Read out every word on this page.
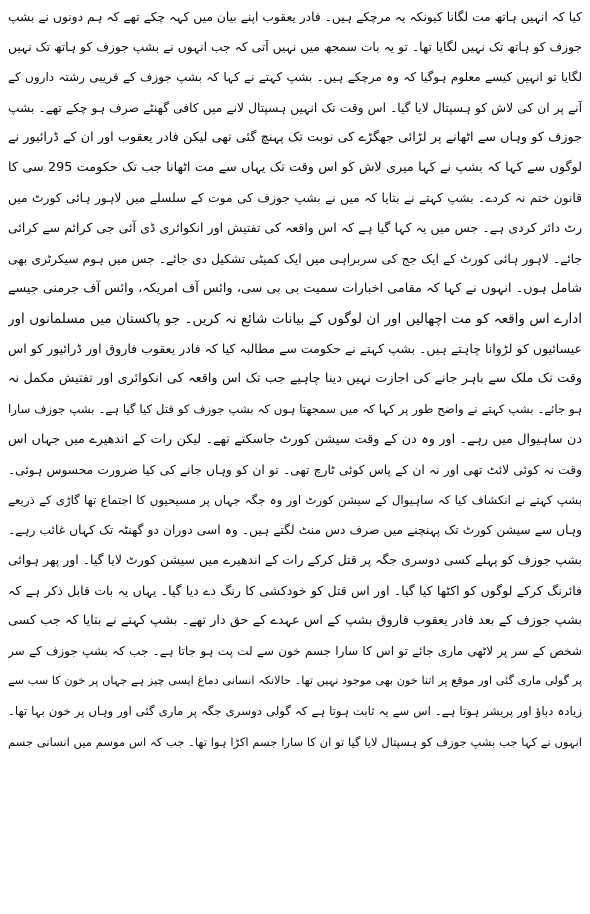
کیا کہ انہیں ہاتھ مت لگانا کیونکہ یہ مرچکے ہیں۔ فادر یعقوب اپنے بیان میں کہہ چکے تھے کہ ہم دونوں نے بشپ
جوزف کو ہاتھ تک نہیں لگایا تھا۔ تو یہ بات سمجھ میں نہیں آتی کہ جب انہوں نے بشپ جوزف کو ہاتھ تک نہیں
لگایا تو انہیں کیسے معلوم ہوگیا کہ وہ مرچکے ہیں۔ بشپ کہتے نے کہا کہ بشپ جوزف کے قریبی رشتہ داروں کے
آنے پر ان کی لاش کو ہسپتال لایا گیا۔ اس وقت تک انہیں ہسپتال لانے میں کافی گھنٹے صرف ہو چکے تھے۔ بشپ
جوزف کو وہاں سے اٹھانے پر لڑائی جھگڑے کی نوبت تک پہنچ گئی تھی لیکن فادر یعقوب اور ان کے ڈرائیور نے
لوگوں سے کہا کہ بشپ نے کہا میری لاش کو اس وقت تک یہاں سے مت اٹھانا جب تک حکومت 295 سی کا
قانون ختم نہ کردے۔ بشپ کہتے نے بتایا کہ میں نے بشپ جوزف کی موت کے سلسلے میں لاہور ہائی کورٹ میں
رٹ دائر کردی ہے۔ جس میں یہ کہا گیا ہے کہ اس واقعہ کی تفتیش اور انکوائری ڈی آئی جی کرائم سے کرائی
جائے۔ لاہور ہائی کورٹ کے ایک جج کی سربراہی میں ایک کمیٹی تشکیل دی جائے۔ جس میں ہوم سیکرٹری بھی
شامل ہوں۔ انہوں نے کہا کہ مقامی اخبارات سمیت بی بی سی، وائس آف امریکہ، وائس آف جرمنی جیسے
ادارے اس واقعہ کو مت اچھالیں اور ان لوگوں کے بیانات شائع نہ کریں۔ جو پاکستان میں مسلمانوں اور
عیسائیوں کو لڑوانا چاہتے ہیں۔ بشپ کہتے نے حکومت سے مطالبہ کیا کہ فادر یعقوب فاروق اور ڈرائیور کو اس
وقت تک ملک سے باہر جانے کی اجازت نہیں دینا چاہیے جب تک اس واقعہ کی انکوائری اور تفتیش مکمل نہ
ہو جائے۔ بشپ کہتے نے واضح طور پر کہا کہ میں سمجھتا ہوں کہ بشپ جوزف کو قتل کیا گیا ہے۔ بشپ جوزف سارا
دن ساہیوال میں رہے۔ اور وہ دن کے وقت سیشن کورٹ جاسکتے تھے۔ لیکن رات کے اندھیرے میں جہاں اس
وقت نہ کوئی لائٹ تھی اور نہ ان کے پاس کوئی ٹارچ تھی۔ تو ان کو وہاں جانے کی کیا ضرورت محسوس ہوئی۔
بشپ کہتے نے انکشاف کیا کہ ساہیوال کے سیشن کورٹ اور وہ جگہ جہاں پر مسیحیوں کا اجتماع تھا گاڑی کے ذریعے
وہاں سے سیشن کورٹ تک پہنچنے میں صرف دس منٹ لگتے ہیں۔ وہ اسی دوران دو گھنٹہ تک کہاں غائب رہے۔
بشپ جوزف کو پہلے کسی دوسری جگہ پر قتل کرکے رات کے اندھیرے میں سیشن کورٹ لایا گیا۔ اور پھر ہوائی
فائرنگ کرکے لوگوں کو اکٹھا کیا گیا۔ اور اس قتل کو خودکشی کا رنگ دے دیا گیا۔ یہاں یہ بات قابل ذکر ہے کہ
بشپ جوزف کے بعد فادر یعقوب فاروق بشپ کے اس عہدے کے حق دار تھے۔ بشپ کہتے نے بتایا کہ جب کسی
شخص کے سر پر لاٹھی ماری جائے تو اس کا سارا جسم خون سے لت پت ہو جاتا ہے۔ جب کہ بشپ جوزف کے سر
پر گولی ماری گئی اور موقع پر اتنا خون بھی موجود نہیں تھا۔ حالانکہ انسانی دماغ ایسی چیز ہے جہاں پر خون کا سب سے
زیادہ دباؤ اور پریشر ہوتا ہے۔ اس سے یہ ثابت ہوتا ہے کہ گولی دوسری جگہ پر ماری گئی اور وہاں پر خون بہا تھا۔
انہوں نے کہا جب بشپ جوزف کو ہسپتال لایا گیا تو ان کا سارا جسم اکڑا ہوا تھا۔ جب کہ اس موسم میں انسانی جسم
